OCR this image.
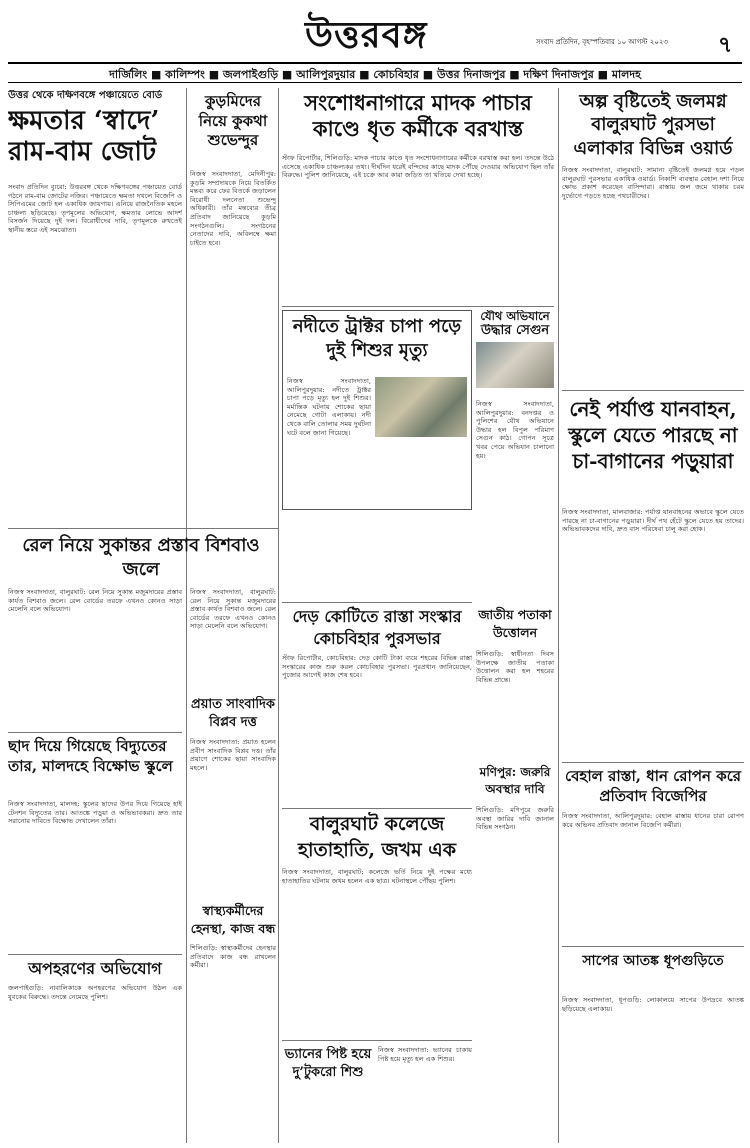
উত্তরবঙ্গ	সংবাদ প্রতিদিন, বৃহস্পতিবার ১০ আগস্ট ২০২৩ ৭
দার্জিলিং ■ কালিম্পং ■ জলপাইগুড়ি ■ আলিপুরদুয়ার ■ কোচবিহার ■ উত্তর দিনাজপুর ■ দক্ষিণ দিনাজপুর ■ মালদহ
উত্তর থেকে দক্ষিণবঙ্গে পঞ্চায়েতে বোর্ড
ক্ষমতার ‘স্বাদে’ রাম-বাম জোট
সংবাদ প্রতিদিন ব্যুরো: উত্তরবঙ্গ থেকে দক্ষিণবঙ্গের পঞ্চায়েত বোর্ড গঠনে রাম-বাম জোটের নজির। পঞ্চায়েতে ক্ষমতা দখলে বিজেপি ও সিপিএমের জোট হল একাধিক জায়গায়। এনিয়ে রাজনৈতিক মহলে চাঞ্চল্য ছড়িয়েছে। তৃণমূলের অভিযোগ, ক্ষমতার লোভে আদর্শ বিসর্জন দিয়েছে দুই দল। বিরোধীদের দাবি, তৃণমূলকে রুখতেই স্থানীয় স্তরে এই সমঝোতা।
কুড়মিদের নিয়ে কুকথা শুভেন্দুর
নিজস্ব সংবাদদাতা, মেদিনীপুর: কুড়মি সম্প্রদায়কে নিয়ে বিতর্কিত মন্তব্য করে ফের বিতর্কে জড়ালেন বিরোধী দলনেতা শুভেন্দু অধিকারী। তাঁর মন্তব্যের তীব্র প্রতিবাদ জানিয়েছে কুড়মি সংগঠনগুলি। সংগঠনের নেতাদের দাবি, অবিলম্বে ক্ষমা চাইতে হবে।
সংশোধনাগারে মাদক পাচার কাণ্ডে ধৃত কর্মীকে বরখাস্ত
স্টাফ রিপোর্টার, শিলিগুড়ি: মাদক পাচার কাণ্ডে ধৃত সংশোধনাগারের কর্মীকে বরখাস্ত করা হল। তদন্তে উঠে এসেছে একাধিক চাঞ্চল্যকর তথ্য। দীর্ঘদিন ধরেই বন্দিদের কাছে মাদক পৌঁছে দেওয়ার অভিযোগ ছিল তাঁর বিরুদ্ধে। পুলিশ জানিয়েছে, এই চক্রে আর কারা জড়িত তা খতিয়ে দেখা হচ্ছে।
অল্প বৃষ্টিতেই জলমগ্ন বালুরঘাট পুরসভা এলাকার বিভিন্ন ওয়ার্ড
নিজস্ব সংবাদদাতা, বালুরঘাট: সামান্য বৃষ্টিতেই জলমগ্ন হয়ে পড়ল বালুরঘাট পুরসভার একাধিক ওয়ার্ড। নিকাশি ব্যবস্থার বেহাল দশা নিয়ে ক্ষোভ প্রকাশ করেছেন বাসিন্দারা। রাস্তায় জল জমে থাকায় চরম দুর্ভোগে পড়তে হচ্ছে পথচারীদের।
নদীতে ট্রাক্টর চাপা পড়ে দুই শিশুর মৃত্যু
নিজস্ব সংবাদদাতা, আলিপুরদুয়ার: নদীতে ট্রাক্টর চাপা পড়ে মৃত্যু হল দুই শিশুর। মর্মান্তিক ঘটনায় শোকের ছায়া নেমেছে গোটা এলাকায়। নদী থেকে বালি তোলার সময় দুর্ঘটনা ঘটে বলে জানা গিয়েছে।
যৌথ অভিযানে
উদ্ধার সেগুন
নিজস্ব সংবাদদাতা, আলিপুরদুয়ার: বনদপ্তর ও পুলিশের যৌথ অভিযানে উদ্ধার হল বিপুল পরিমাণ সেগুন কাঠ। গোপন সূত্রে খবর পেয়ে অভিযান চালানো হয়।
নেই পর্যাপ্ত যানবাহন, স্কুলে যেতে পারছে না চা-বাগানের পড়ুয়ারা
নিজস্ব সংবাদদাতা, মালবাজার: পর্যাপ্ত যানবাহনের অভাবে স্কুলে যেতে পারছে না চা-বাগানের পড়ুয়ারা। দীর্ঘ পথ হেঁটে স্কুলে যেতে হয় তাদের। অভিভাবকদের দাবি, দ্রুত বাস পরিষেবা চালু করা হোক।
রেল নিয়ে সুকান্তর প্রস্তাব বিশবাও জলে
নিজস্ব সংবাদদাতা, বালুরঘাট: রেল নিয়ে সুকান্ত মজুমদারের প্রস্তাব কার্যত বিশবাও জলে। রেল বোর্ডের তরফে এখনও কোনও সাড়া মেলেনি বলে অভিযোগ।
নিজস্ব সংবাদদাতা, বালুরঘাট: রেল নিয়ে সুকান্ত মজুমদারের প্রস্তাব কার্যত বিশবাও জলে। রেল বোর্ডের তরফে এখনও কোনও সাড়া মেলেনি বলে অভিযোগ।
দেড় কোটিতে রাস্তা সংস্কার কোচবিহার পুরসভার
স্টাফ রিপোর্টার, কোচবিহার: দেড় কোটি টাকা ব্যয়ে শহরের বিভিন্ন রাস্তা সংস্কারের কাজ শুরু করল কোচবিহার পুরসভা। পুরপ্রধান জানিয়েছেন, পুজোর আগেই কাজ শেষ হবে।
জাতীয় পতাকা উত্তোলন
শিলিগুড়ি: স্বাধীনতা দিবস উপলক্ষে জাতীয় পতাকা উত্তোলন করা হল শহরের বিভিন্ন প্রান্তে।
প্রয়াত সাংবাদিক বিপ্লব দত্ত
নিজস্ব সংবাদদাতা: প্রয়াত হলেন প্রবীণ সাংবাদিক বিপ্লব দত্ত। তাঁর প্রয়াণে শোকের ছায়া সাংবাদিক মহলে।
ছাদ দিয়ে গিয়েছে বিদ্যুতের তার, মালদহে বিক্ষোভ স্কুলে
নিজস্ব সংবাদদাতা, মালদহ: স্কুলের ছাদের উপর দিয়ে গিয়েছে হাই টেনশন বিদ্যুতের তার। আতঙ্কে পড়ুয়া ও অভিভাবকরা। দ্রুত তার সরানোর দাবিতে বিক্ষোভ দেখালেন তাঁরা।
মণিপুর: জরুরি অবস্থার দাবি
শিলিগুড়ি: মণিপুরে জরুরি অবস্থা জারির দাবি জানাল বিভিন্ন সংগঠন।
বেহাল রাস্তা, ধান রোপন করে প্রতিবাদ বিজেপির
নিজস্ব সংবাদদাতা, আলিপুরদুয়ার: বেহাল রাস্তায় ধানের চারা রোপণ করে অভিনব প্রতিবাদ জানাল বিজেপি কর্মীরা।
বালুরঘাট কলেজে হাতাহাতি, জখম এক
নিজস্ব সংবাদদাতা, বালুরঘাট: কলেজে ভর্তি নিয়ে দুই পক্ষের মধ্যে হাতাহাতির ঘটনায় জখম হলেন এক ছাত্র। ঘটনাস্থলে পৌঁছয় পুলিশ।
স্বাস্থ্যকর্মীদের হেনস্থা, কাজ বন্ধ
শিলিগুড়ি: স্বাস্থ্যকর্মীদের হেনস্থার প্রতিবাদে কাজ বন্ধ রাখলেন কর্মীরা।	সাপের আতঙ্ক ধূপগুড়িতে
নিজস্ব সংবাদদাতা, ধূপগুড়ি: লোকালয়ে সাপের উপদ্রবে আতঙ্ক ছড়িয়েছে এলাকায়।
অপহরণের অভিযোগ
জলপাইগুড়ি: নাবালিকাকে অপহরণের অভিযোগ উঠল এক যুবকের বিরুদ্ধে। তদন্তে নেমেছে পুলিশ।
ভ্যানের পিষ্ট হয়ে দু’টুকরো শিশু
নিজস্ব সংবাদদাতা: ভ্যানের চাকায় পিষ্ট হয়ে মৃত্যু হল এক শিশুর।
